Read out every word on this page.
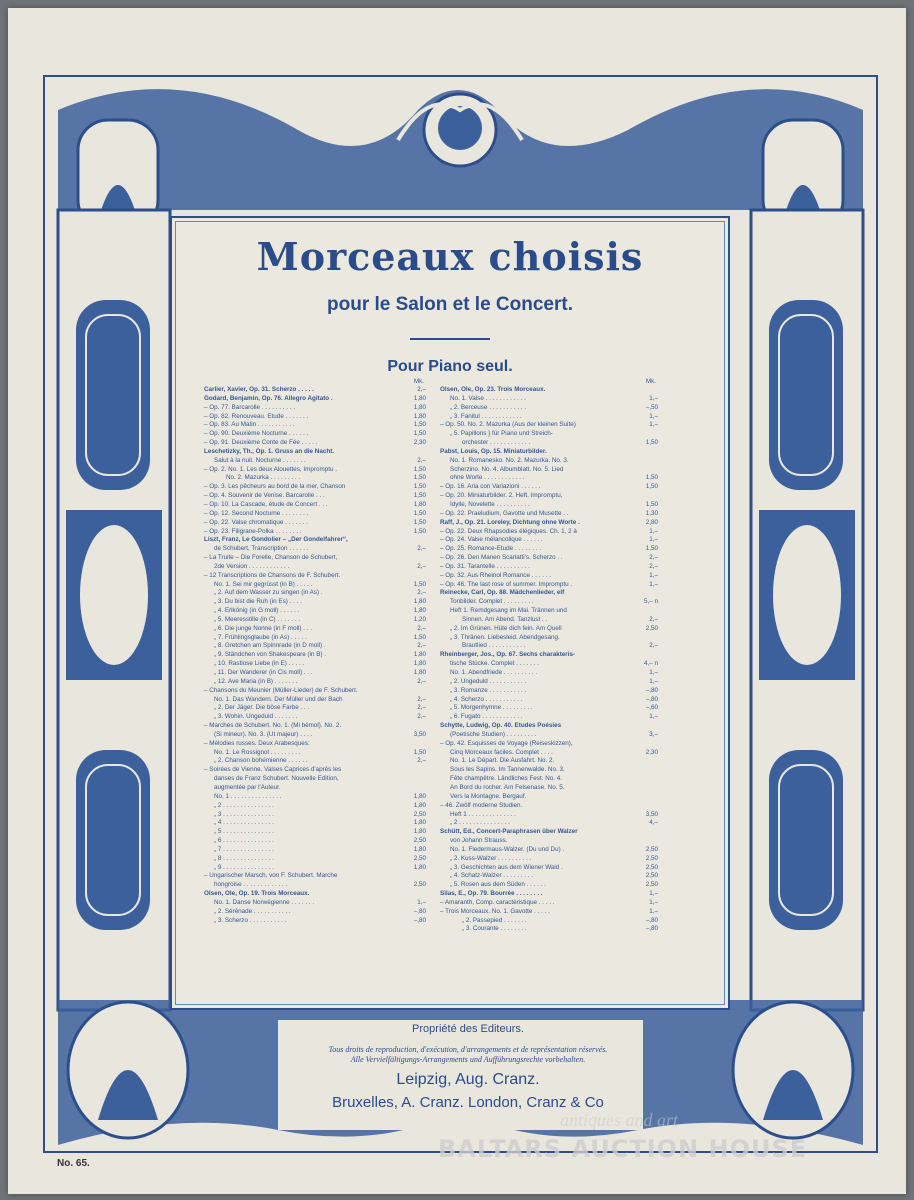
Morceaux choisis
pour le Salon et le Concert.
Pour Piano seul.
Mk.
Carlier, Xavier, Op. 31. Scherzo . . . . .	2,–
Godard, Benjamin, Op. 76. Allegro Agitato .	1,80
– Op. 77. Barcarolle . . . . . . . . . .	1,80
– Op. 82. Renouveau. Etude . . . . . . .	1,80
– Op. 83. Au Matin . . . . . . . . . . .	1,50
– Op. 90. Deuxième Nocturne . . . . . .	1,50
– Op. 91. Deuxième Conte de Fée . . . . .	2,30
Leschetizky, Th., Op. 1. Gruss an die Nacht.
Salut à la nuit. Nocturne . . . . . . .	2,–
– Op. 2. No. 1. Les deux Alouettes, Impromptu .	1,50
No. 2. Mazurka . . . . . . . . .	1,50
– Op. 3. Les pêcheurs au bord de la mer, Chanson	1,50
– Op. 4. Souvenir de Venise. Barcarolle . . .	1,50
– Op. 10. La Cascade, étude de Concert . . .	1,80
– Op. 12. Second Nocturne . . . . . . . .	1,50
– Op. 22. Valse chromatique . . . . . . .	1,50
– Op. 23. Filigrane-Polka . . . . . . . .	1,50
Liszt, Franz, Le Gondolier – „Der Gondelfahrer“,
de Schubert, Transcription . . . . . .	2,–
– La Truite – Die Forelle, Chanson de Schubert,
2de Version . . . . . . . . . . . .	2,–
– 12 Transcriptions de Chansons de F. Schubert.
No. 1. Sei mir gegrüsst (in B) . . . . .	1,50
„ 2. Auf dem Wasser zu singen (in As) .	2,–
„ 3. Du bist die Ruh (in Es) . . . .	1,80
„ 4. Erlkönig (in G moll) . . . . . .	1,80
„ 5. Meeresstille (in C) . . . . . . .	1,20
„ 6. Die junge Nonne (in F moll) . . .	2,–
„ 7. Frühlingsglaube (in As) . . . . .	1,50
„ 8. Gretchen am Spinnrade (in D moll) .	2,–
„ 9. Ständchen von Shakespeare (in B) .	1,80
„ 10. Rastlose Liebe (in E) . . . . .	1,80
„ 11. Der Wanderer (in Cis moll) . . .	1,80
„ 12. Ave Maria (in B) . . . . . . .	2,–
– Chansons du Meunier (Müller-Lieder) de F. Schubert.
No. 1. Das Wandern. Der Müller und der Bach	2,–
„ 2. Der Jäger. Die böse Farbe . . .	2,–
„ 3. Wohin. Ungeduld . . . . . . .	2,–
– Marches de Schubert. No. 1. (Mi bémol). No. 2.
(Si mineur). No. 3. (Ut majeur) . . . .	3,50
– Mélodies russes. Deux Arabesques:
No. 1. Le Rossignol . . . . . . . . .	1,50
„ 2. Chanson bohémienne . . . . . .	2,–
– Soirées de Vienne. Valses Caprices d'après les
danses de Franz Schubert. Nouvelle Edition,
augmentée par l'Auteur.
No. 1 . . . . . . . . . . . . . . .	1,80
„ 2 . . . . . . . . . . . . . . .	1,80
„ 3 . . . . . . . . . . . . . . .	2,50
„ 4 . . . . . . . . . . . . . . .	1,80
„ 5 . . . . . . . . . . . . . . .	1,80
„ 6 . . . . . . . . . . . . . . .	2,50
„ 7 . . . . . . . . . . . . . . .	1,80
„ 8 . . . . . . . . . . . . . . .	2,50
„ 9 . . . . . . . . . . . . . . .	1,80
– Ungarischer Marsch, von F. Schubert. Marche
hongroise . . . . . . . . . . . . .	2,50
Olsen, Ole, Op. 19. Trois Morceaux.
No. 1. Danse Norwégienne . . . . . . .	1,–
„ 2. Sérénade . . . . . . . . . . .	–,80
„ 3. Scherzo . . . . . . . . . . .	–,80
Mk.
Olsen, Ole, Op. 23. Trois Morceaux.
No. 1. Valse . . . . . . . . . . . .	1,–
„ 2. Berceuse . . . . . . . . . . .	–,50
„ 3. Fanitul . . . . . . . . . . . .	1,–
– Op. 50. No. 2. Mazurka (Aus der kleinen Suite)	1,–
„ 5. Papillons } für Piano und Streich-
orchester . . . . . . . . . . . .	1,50
Pabst, Louis, Op. 15. Miniaturbilder.
No. 1. Romanesko. No. 2. Mazurka. No. 3.
Scherzino. No. 4. Albumblatt. No. 5. Lied
ohne Worte . . . . . . . . . . . .	1,50
– Op. 16. Aria con Variazioni . . . . . .	1,50
– Op. 20. Miniaturbilder. 2. Heft. Impromptu,
Idylle, Novelette . . . . . . . . . .	1,50
– Op. 22. Praeludium, Gavotte und Musette . .	1,30
Raff, J., Op. 21. Loreley, Dichtung ohne Worte .	2,80
– Op. 22. Deux Rhapsodies élégiques. Ch. 1, 2 à	1,–
– Op. 24. Valse mélancolique . . . . . .	1,–
– Op. 25. Romance-Etude . . . . . . . .	1,50
– Op. 26. Den Manen Scarlatti's. Scherzo . .	2,–
– Op. 31. Tarantelle . . . . . . . . . .	2,–
– Op. 32. Aus Rheinol Romance . . . . . .	1,–
– Op. 46. The last rose of summer. Impromptu .	1,–
Reinecke, Carl, Op. 88. Mädchenlieder, elf
Tonbilder. Complet . . . . . . . . .	5,– n
Heft 1. Remdgesang im Mai. Trännen und
Sinnen. Am Abend. Tanzlust . .	2,–
„ 2. Im Grünen. Hüte dich fein. Am Quell	2,50
„ 3. Thränen. Liebesleid. Abendgesang.
Brautlied . . . . . . . . . . .	2,–
Rheinberger, Jos., Op. 67. Sechs charakteris-
tische Stücke. Complet . . . . . . .	4,– n
No. 1. Abendfriede . . . . . . . . . .	1,–
„ 2. Ungeduld . . . . . . . . . . .	1,–
„ 3. Romanze . . . . . . . . . . .	–,80
„ 4. Scherzo . . . . . . . . . . .	–,80
„ 5. Morgenhymne . . . . . . . . .	–,60
„ 6. Fugato . . . . . . . . . . . .	1,–
Schytte, Ludwig, Op. 40. Etudes Poésies
(Poetische Studien) . . . . . . . . .	3,–
– Op. 42. Esquisses de Voyage (Reiseskizzen),
Cinq Morceaux faciles. Complet . . . .	2,30
No. 1. Le Départ. Die Ausfahrt. No. 2.
Sous les Sapins. Im Tannenwalde. No. 3.
Fête champêtre. Ländliches Fest. No. 4.
An Bord du rocher. Am Felsenase. No. 5.
Vers la Montagne. Bergauf.
– 46. Zwölf moderne Studien.
Heft 1 . . . . . . . . . . . . . .	3,50
„ 2 . . . . . . . . . . . . . . .	4,–
Schütt, Ed., Concert-Paraphrasen über Walzer
von Johann Strauss.
No. 1. Fledermaus-Walzer. (Du und Du) .	2,50
„ 2. Kuss-Walzer . . . . . . . . . .	2,50
„ 3. Geschichten aus dem Wiener Wald .	2,50
„ 4. Schatz-Walzer . . . . . . . . .	2,50
„ 5. Rosen aus dem Süden . . . . . .	2,50
Silas, E., Op. 79. Bourrée . . . . . . . .	1,–
– Amaranth, Comp. caractéristique . . . . .	1,–
– Trois Morceaux. No. 1. Gavotte . . . . .	1,–
„ 2. Passepied . . . . . . .	–,80
„ 3. Courante . . . . . . . .	–,80
Propriété des Editeurs.
Tous droits de reproduction, d'exécution, d'arrangements et de représentation réservés.
Alle Vervielfältigungs-Arrangements und Aufführungsrechte vorbehalten.
Leipzig, Aug. Cranz.
Bruxelles, A. Cranz. London, Cranz & Co
No. 65.
antiques and art
BALTARS AUCTION HOUSE
